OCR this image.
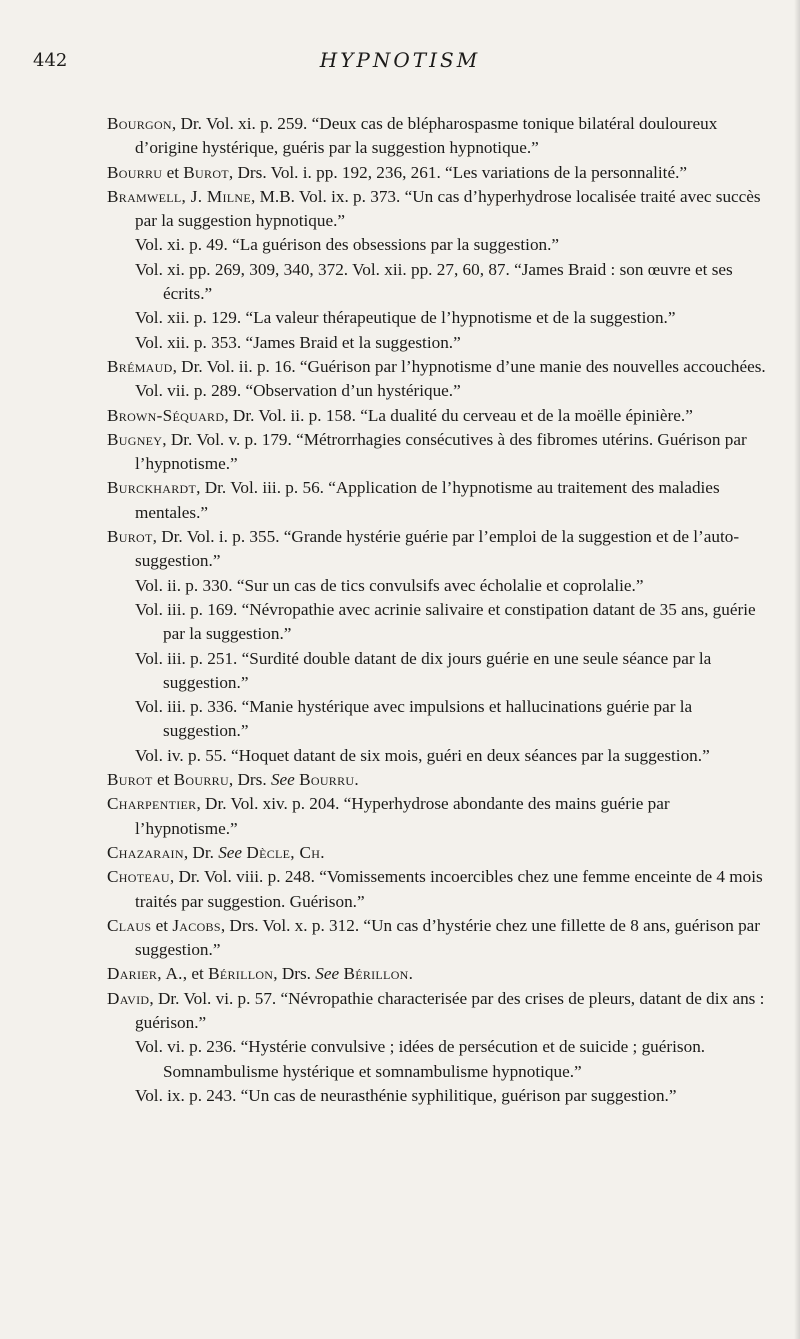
442	HYPNOTISM

Bourgon, Dr. Vol. xi. p. 259. “Deux cas de blépharospasme tonique bilatéral douloureux d’origine hystérique, guéris par la suggestion hypnotique.”

Bourru et Burot, Drs. Vol. i. pp. 192, 236, 261. “Les variations de la personnalité.”

Bramwell, J. Milne, M.B. Vol. ix. p. 373. “Un cas d’hyperhydrose localisée traité avec succès par la suggestion hypnotique.”

Vol. xi. p. 49. “La guérison des obsessions par la suggestion.”

Vol. xi. pp. 269, 309, 340, 372. Vol. xii. pp. 27, 60, 87. “James Braid : son œuvre et ses écrits.”

Vol. xii. p. 129. “La valeur thérapeutique de l’hypnotisme et de la suggestion.”

Vol. xii. p. 353. “James Braid et la suggestion.”

Brémaud, Dr. Vol. ii. p. 16. “Guérison par l’hypnotisme d’une manie des nouvelles accouchées.

Vol. vii. p. 289. “Observation d’un hystérique.”

Brown-Séquard, Dr. Vol. ii. p. 158. “La dualité du cerveau et de la moëlle épinière.”

Bugney, Dr. Vol. v. p. 179. “Métrorrhagies consécutives à des fibromes utérins. Guérison par l’hypnotisme.”

Burckhardt, Dr. Vol. iii. p. 56. “Application de l’hypnotisme au traitement des maladies mentales.”

Burot, Dr. Vol. i. p. 355. “Grande hystérie guérie par l’emploi de la suggestion et de l’auto-suggestion.”

Vol. ii. p. 330. “Sur un cas de tics convulsifs avec écholalie et coprolalie.”

Vol. iii. p. 169. “Névropathie avec acrinie salivaire et constipation datant de 35 ans, guérie par la suggestion.”

Vol. iii. p. 251. “Surdité double datant de dix jours guérie en une seule séance par la suggestion.”

Vol. iii. p. 336. “Manie hystérique avec impulsions et hallucinations guérie par la suggestion.”

Vol. iv. p. 55. “Hoquet datant de six mois, guéri en deux séances par la suggestion.”

Burot et Bourru, Drs. See Bourru.

Charpentier, Dr. Vol. xiv. p. 204. “Hyperhydrose abondante des mains guérie par l’hypnotisme.”

Chazarain, Dr. See Dècle, Ch.

Choteau, Dr. Vol. viii. p. 248. “Vomissements incoercibles chez une femme enceinte de 4 mois traités par suggestion. Guérison.”

Claus et Jacobs, Drs. Vol. x. p. 312. “Un cas d’hystérie chez une fillette de 8 ans, guérison par suggestion.”

Darier, A., et Bérillon, Drs. See Bérillon.

David, Dr. Vol. vi. p. 57. “Névropathie characterisée par des crises de pleurs, datant de dix ans : guérison.”

Vol. vi. p. 236. “Hystérie convulsive ; idées de persécution et de suicide ; guérison. Somnambulisme hystérique et somnambulisme hypnotique.”

Vol. ix. p. 243. “Un cas de neurasthénie syphilitique, guérison par suggestion.”
